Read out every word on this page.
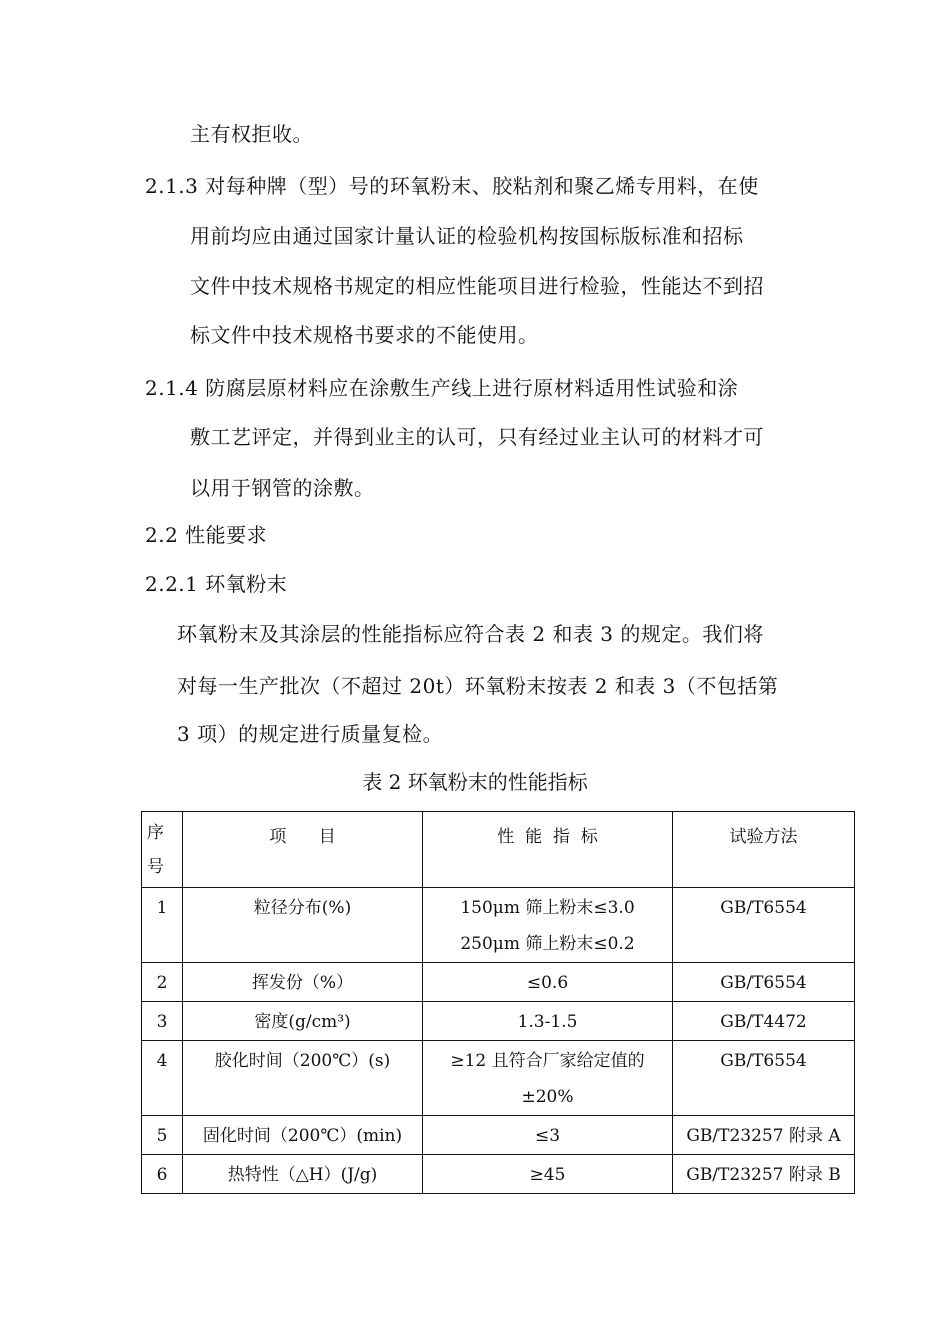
主有权拒收。
2.1.3 对每种牌（型）号的环氧粉末、胶粘剂和聚乙烯专用料，在使
用前均应由通过国家计量认证的检验机构按国标版标准和招标
文件中技术规格书规定的相应性能项目进行检验，性能达不到招
标文件中技术规格书要求的不能使用。
2.1.4 防腐层原材料应在涂敷生产线上进行原材料适用性试验和涂
敷工艺评定，并得到业主的认可，只有经过业主认可的材料才可
以用于钢管的涂敷。
2.2 性能要求
2.2.1 环氧粉末
环氧粉末及其涂层的性能指标应符合表 2 和表 3 的规定。我们将
对每一生产批次（不超过 20t）环氧粉末按表 2 和表 3（不包括第
3 项）的规定进行质量复检。
表 2 环氧粉末的性能指标
序
号	项      目	性  能  指  标	试验方法

1	粒径分布(%)	150μm 筛上粉末≤3.0
250μm 筛上粉末≤0.2	GB/T6554
2	挥发份（%）	≤0.6	GB/T6554
3	密度(g/cm³)	1.3-1.5	GB/T4472
4	胶化时间（200℃）(s)	≥12 且符合厂家给定值的
±20%	GB/T6554
5	固化时间（200℃）(min)	≤3	GB/T23257 附录 A
6	热特性（△H）(J/g)	≥45	GB/T23257 附录 B
